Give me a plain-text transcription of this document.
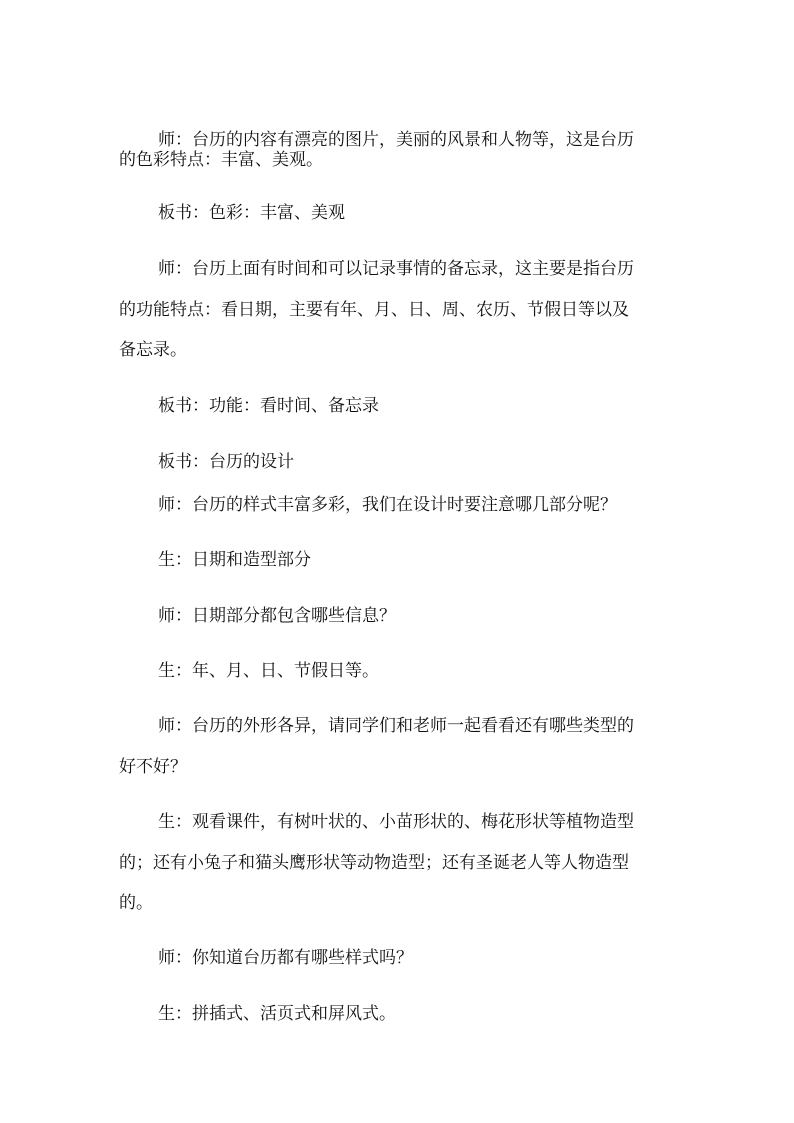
师：台历的内容有漂亮的图片，美丽的风景和人物等，这是台历

的色彩特点：丰富、美观。

板书：色彩：丰富、美观

师：台历上面有时间和可以记录事情的备忘录，这主要是指台历

的功能特点：看日期，主要有年、月、日、周、农历、节假日等以及

备忘录。

板书：功能：看时间、备忘录

板书：台历的设计

师：台历的样式丰富多彩，我们在设计时要注意哪几部分呢？

生：日期和造型部分

师：日期部分都包含哪些信息？

生：年、月、日、节假日等。

师：台历的外形各异，请同学们和老师一起看看还有哪些类型的

好不好？

生：观看课件，有树叶状的、小苗形状的、梅花形状等植物造型

的；还有小兔子和猫头鹰形状等动物造型；还有圣诞老人等人物造型

的。

师：你知道台历都有哪些样式吗？

生：拼插式、活页式和屏风式。
